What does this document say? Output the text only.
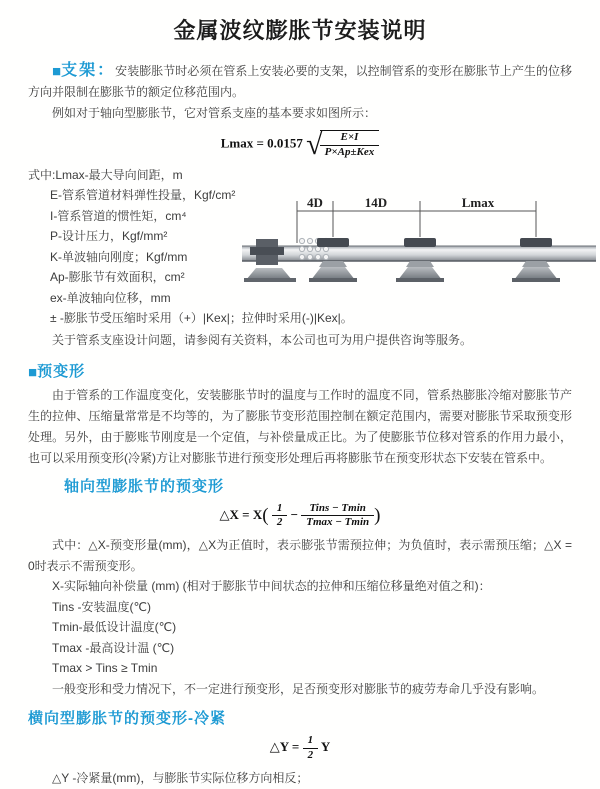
金属波纹膨胀节安装说明

■支架：安装膨胀节时必须在管系上安装必要的支架，以控制管系的变形在膨胀节上产生的位移方向并限制在膨胀节的额定位移范围内。

例如对于轴向型膨胀节，它对管系支座的基本要求如图所示：

Lmax = 0.0157 √
$\frac{E\times I}{\text{P×Ap±Kex}}$

式中:Lmax-最大导向间距，m

E-管系管道材料弹性投量，Kgf/cm²

I-管系管道的惯性矩，cm⁴

P-设计压力，Kgf/mm²

K-单波轴向刚度；Kgf/mm

Ap-膨胀节有效面积，cm²

ex-单波轴向位移，mm

± -膨胀节受压缩时采用（+）|Kex|；拉伸时采用(-)|Kex|。

4D	14D	Lmax

关于管系支座设计问题，请参阅有关资料，本公司也可为用户提供咨询等服务。

■预变形

由于管系的工作温度变化，安装膨胀节时的温度与工作时的温度不同，管系热膨胀冷缩对膨胀节产生的拉伸、压缩量常常是不均等的，为了膨胀节变形范围控制在额定范围内，需要对膨胀节采取预变形处理。另外，由于膨账节刚度是一个定值，与补偿量成正比。为了使膨胀节位移对管系的作用力最小，也可以采用预变形(冷紧)方让对膨胀节进行预变形处理后再将膨胀节在预变形状态下安装在管系中。

轴向型膨胀节的预变形
△X = $X( \frac{1}{2} - \frac{\text{Tins − Tmin}}{Tmax - Tmin}$ )

式中：△X-预变形量(mm)，△X为正值时，表示膨张节需预拉伸；为负值时，表示需预压缩；△X = 0时表示不需预变形。

X-实际轴向补偿量 (mm) (相对于膨胀节中间状态的拉伸和压缩位移量绝对值之和)：

Tins -安装温度(℃)

Tmin-最低设计温度(℃)

Tmax -最高设计温 (℃)

Tmax > Tins ≥ Tmin

一般变形和受力情况下，不一定进行预变形，足否预变形对膨胀节的疲劳寿命几乎没有影响。

横向型膨胀节的预变形-冷紧
△Y = $\frac{1}{2}$ Y

△Y -冷紧量(mm)，与膨胀节实际位移方向相反；
